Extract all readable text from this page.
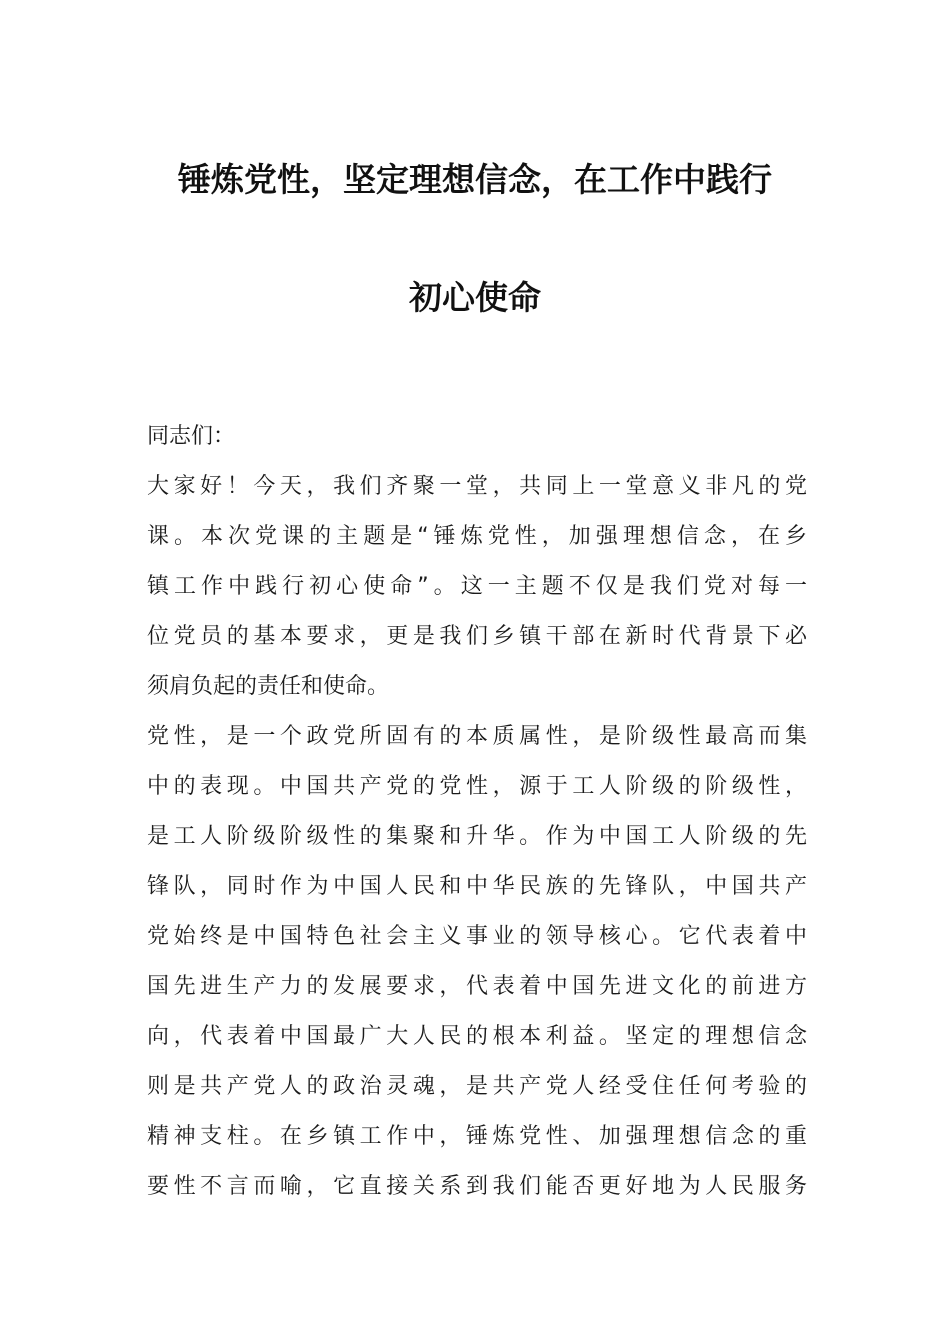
锤炼党性，坚定理想信念，在工作中践行
初心使命
同志们：
大家好！今天，我们齐聚一堂，共同上一堂意义非凡的党
课。本次党课的主题是“锤炼党性，加强理想信念，在乡
镇工作中践行初心使命”。这一主题不仅是我们党对每一
位党员的基本要求，更是我们乡镇干部在新时代背景下必
须肩负起的责任和使命。
党性，是一个政党所固有的本质属性，是阶级性最高而集
中的表现。中国共产党的党性，源于工人阶级的阶级性，
是工人阶级阶级性的集聚和升华。作为中国工人阶级的先
锋队，同时作为中国人民和中华民族的先锋队，中国共产
党始终是中国特色社会主义事业的领导核心。它代表着中
国先进生产力的发展要求，代表着中国先进文化的前进方
向，代表着中国最广大人民的根本利益。坚定的理想信念
则是共产党人的政治灵魂，是共产党人经受住任何考验的
精神支柱。在乡镇工作中，锤炼党性、加强理想信念的重
要性不言而喻，它直接关系到我们能否更好地为人民服务
